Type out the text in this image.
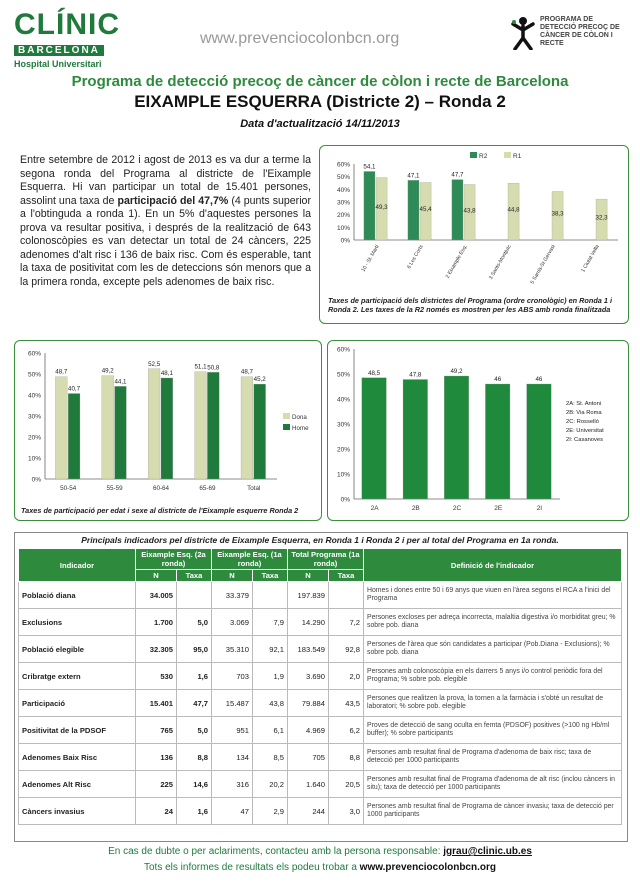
CLÍNIC
BARCELONA
Hospital Universitari
www.prevenciocolonbcn.org
PROGRAMA DE DETECCIÓ PRECOÇ DE CÀNCER DE CÒLON I RECTE
Programa de detecció precoç de càncer de còlon i recte de Barcelona
EIXAMPLE ESQUERRA (Districte 2) – Ronda 2
Data d'actualització 14/11/2013
Entre setembre de 2012 i agost de 2013 es va dur a terme la segona ronda del Programa al districte de l'Eixample Esquerra. Hi van participar un total de 15.401 persones, assolint una taxa de participació del 47,7% (4 punts superior a l'obtinguda a ronda 1). En un 5% d'aquestes persones la prova va resultar positiva, i després de la realització de 643 colonoscòpies es van detectar un total de 24 càncers, 225 adenomes d'alt risc i 136 de baix risc. Com és esperable, tant la taxa de positivitat com les de deteccions són menors que a la primera ronda, excepte pels adenomes de baix risc.
0%
10%
20%
30%
40%
50%
60% 54,1
49,3
10 - St. Martí
47,1
45,4
6 Les Corts
47,7
43,8
2 Eixample Esq.
44,8
3 Sants-Montjuïc
38,3
5 Sarrià-St Gervasi
32,3
1 Ciutat Vella
R2	R1
Taxes de participació dels districtes del Programa (ordre cronològic) en Ronda 1 i Ronda 2. Les taxes de la R2 només es mostren per les ABS amb ronda finalitzada
0%
10%
20%
30%
40%
50%
60%
48,7
40,7
50-54
49,2
44,1
55-59
52,5
48,1
60-64
51,1 50,8
65-69
48,7
45,2
Total
Dona
Home
Taxes de participació per edat i sexe al districte de l'Eixample esquerre Ronda 2
0%
10%
20%
30%
40%
50%
60%
48,5
2A
47,8
2B
49,2
2C
46
2E
46
2I
2A: St. Antoni
2B: Via Roma
2C: Rosselló
2E: Universitat
2I: Casanoves
Principals indicadors pel districte de Eixample Esquerra, en Ronda 1 i Ronda 2 i per al total del Programa en 1a ronda.
Indicador	Eixample Esq. (2a ronda)		Eixample Esq. (1a ronda)		Total Programa (1a ronda)		Definició de l'indicador
	N	Taxa	N	Taxa	N	Taxa	
Població diana	34.005		33.379		197.839		Homes i dones entre 50 i 69 anys que viuen en l'àrea segons el RCA a l'inici del Programa
Exclusions	1.700	5,0	3.069	7,9	14.290	7,2	Persones excloses per adreça incorrecta, malaltia digestiva i/o morbiditat greu; % sobre pob. diana
Població elegible	32.305	95,0	35.310	92,1	183.549	92,8	Persones de l'àrea que són candidates a participar (Pob.Diana - Exclusions); % sobre pob. diana
Cribratge extern	530	1,6	703	1,9	3.690	2,0	Persones amb colonoscòpia en els darrers 5 anys i/o control periòdic fora del Programa; % sobre pob. elegible
Participació	15.401	47,7	15.487	43,8	79.884	43,5	Persones que realitzen la prova, la tornen a la farmàcia i s'obté un resultat de laboratori; % sobre pob. elegible
Positivitat de la PDSOF	765	5,0	951	6,1	4.969	6,2	Proves de detecció de sang oculta en femta (PDSOF) positives (>100 ng Hb/ml buffer); % sobre participants
Adenomes Baix Risc	136	8,8	134	8,5	705	8,8	Persones amb resultat final de Programa d'adenoma de baix risc; taxa de detecció per 1000 participants
Adenomes Alt Risc	225	14,6	316	20,2	1.640	20,5	Persones amb resultat final de Programa d'adenoma de alt risc (inclou càncers in situ); taxa de detecció per 1000 participants
Càncers invasius	24	1,6	47	2,9	244	3,0	Persones amb resultat final de Programa de càncer invasiu; taxa de detecció per 1000 participants
En cas de dubte o per aclariments, contacteu amb la persona responsable: jgrau@clinic.ub.es
Tots els informes de resultats els podeu trobar a www.prevenciocolonbcn.org
